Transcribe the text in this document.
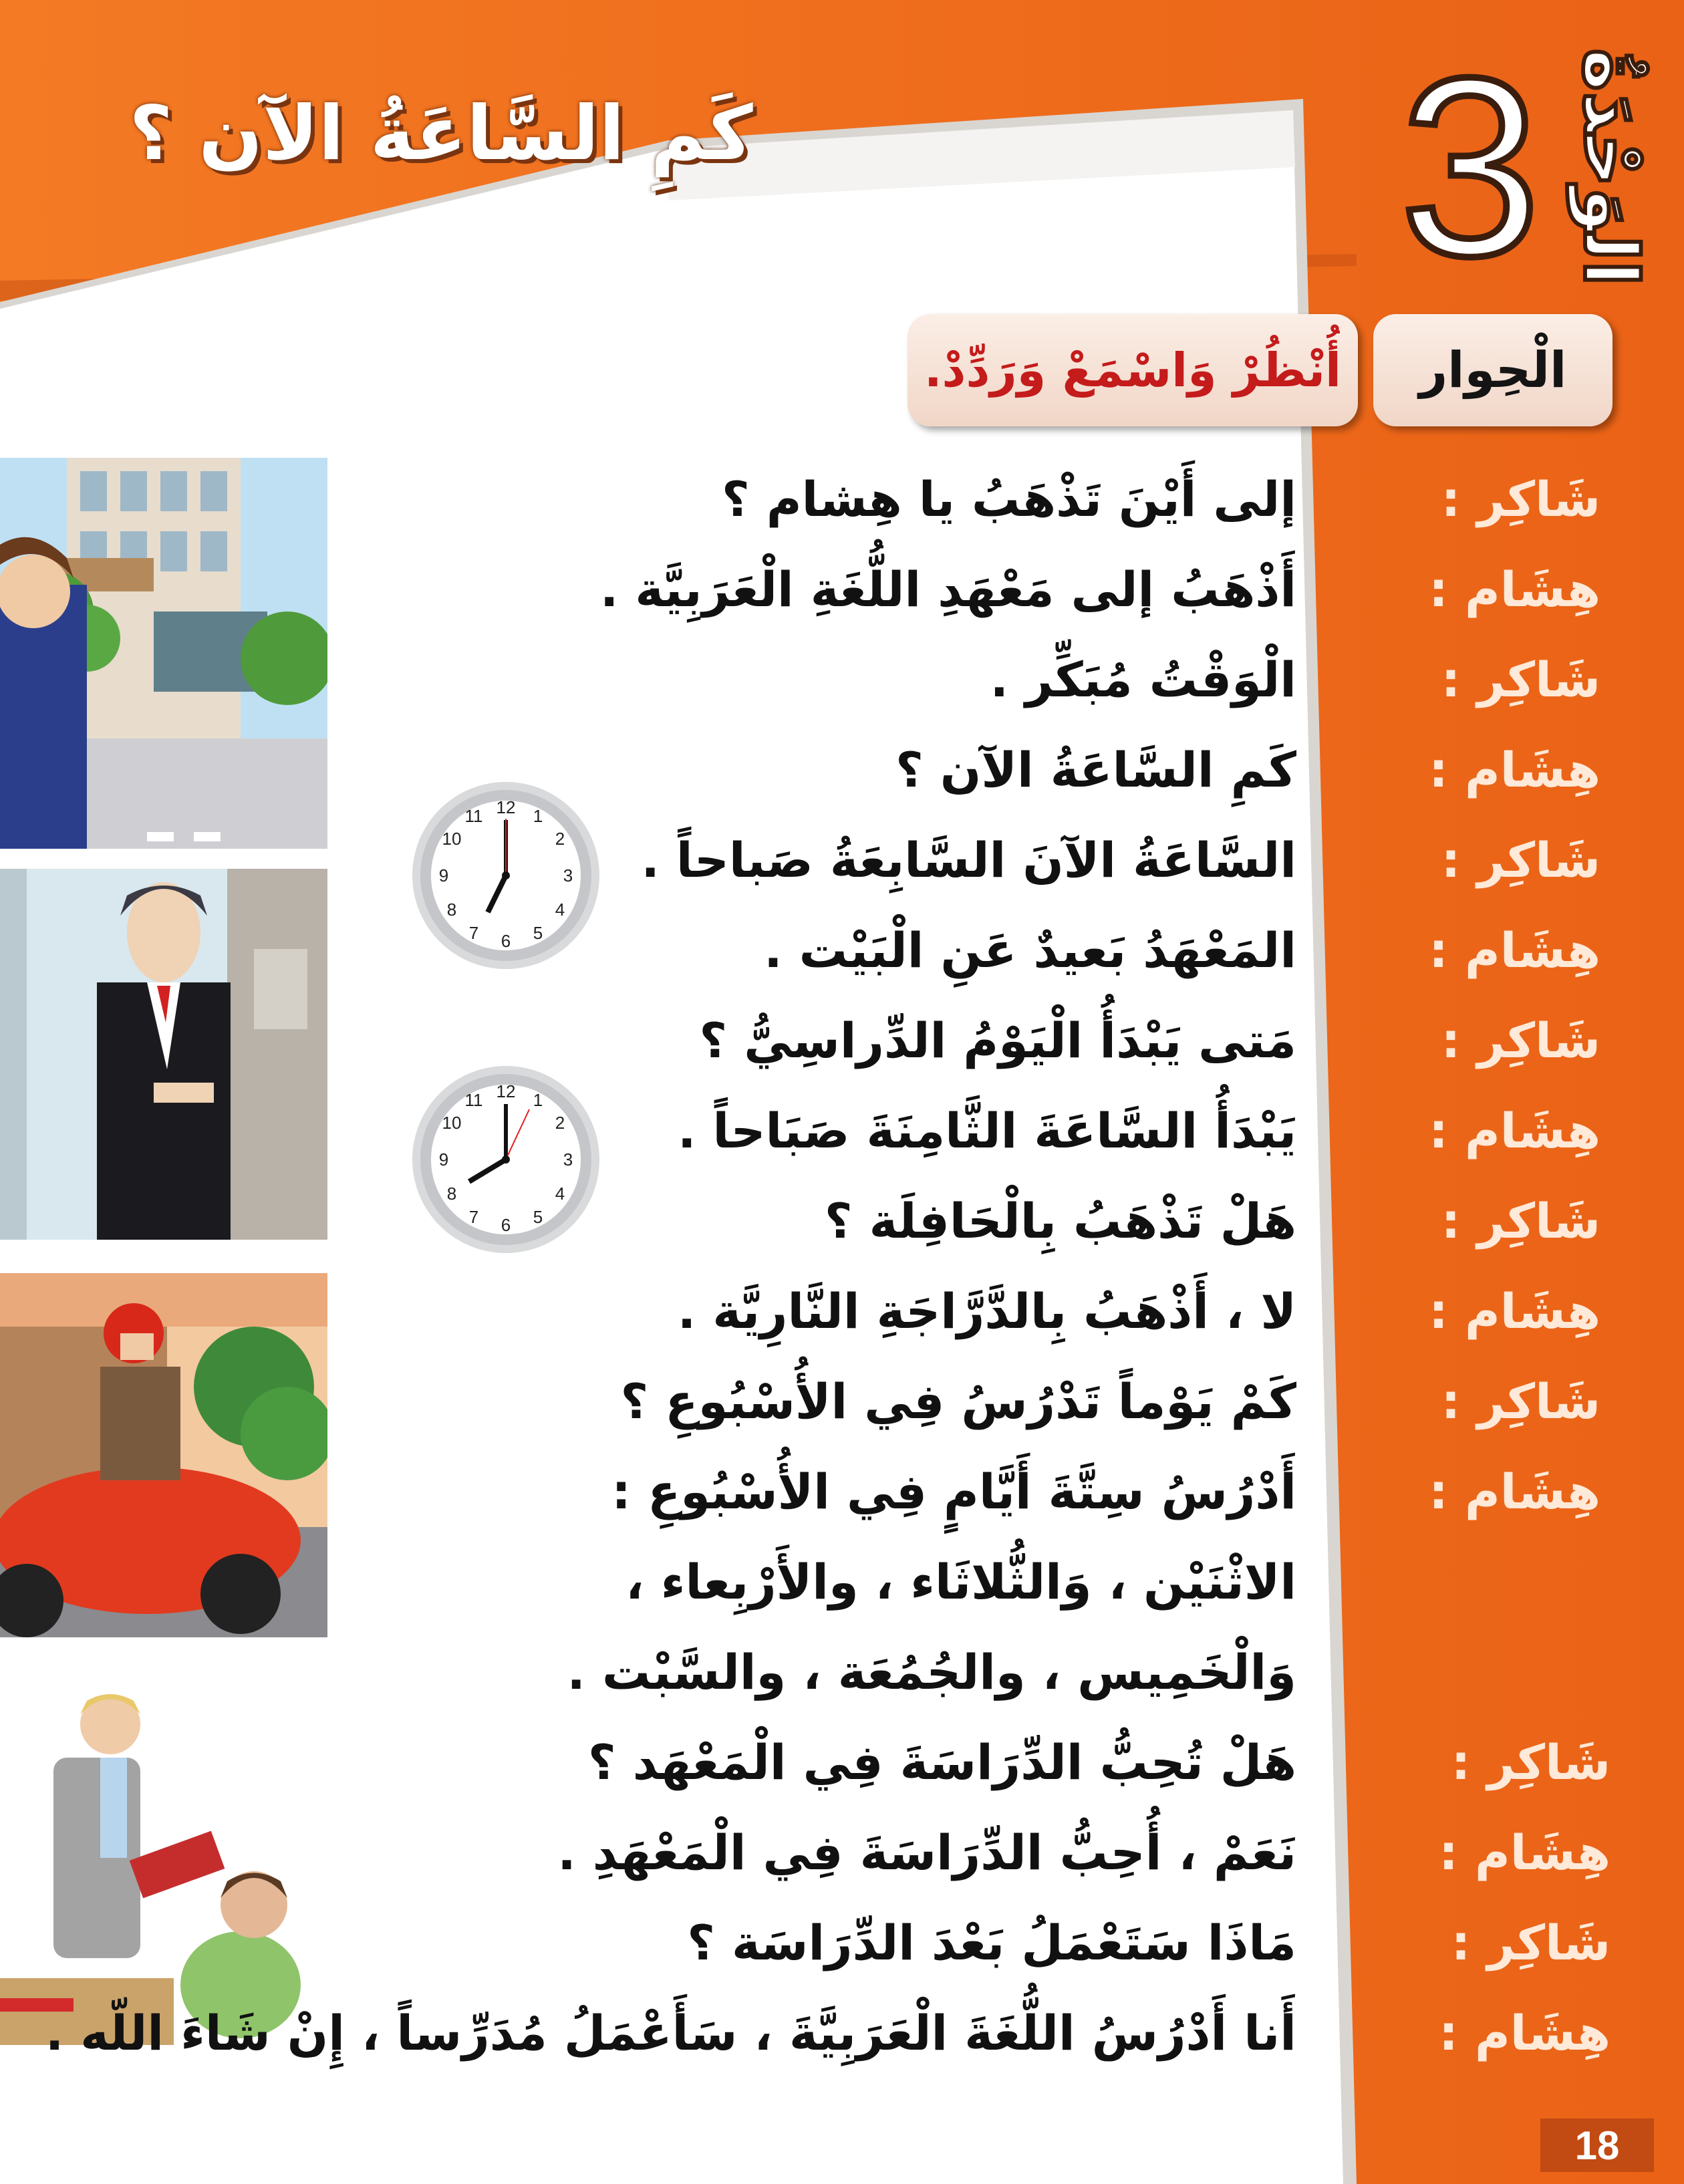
3 الوَحْدَةُ
كَمِ السَّاعَةُ الآن ؟
الْحِوار
أُنْظُرْ وَاسْمَعْ وَرَدِّدْ.
12 1
2
3
4
5
6
7
8
9
10
11
12 1
2
3
4
5
6
7
8
9
10
11
إلى أَيْنَ تَذْهَبُ يا هِشام ؟	شَاكِر :
أَذْهَبُ إلى مَعْهَدِ اللُّغَةِ الْعَرَبِيَّة .	هِشَام :
الْوَقْتُ مُبَكِّر .	شَاكِر :
كَمِ السَّاعَةُ الآن ؟	هِشَام :
السَّاعَةُ الآنَ السَّابِعَةُ صَباحاً .	شَاكِر :
المَعْهَدُ بَعيدٌ عَنِ الْبَيْت .	هِشَام :
مَتى يَبْدَأُ الْيَوْمُ الدِّراسِيُّ ؟	شَاكِر :
يَبْدَأُ السَّاعَةَ الثَّامِنَةَ صَبَاحاً .	هِشَام :
هَلْ تَذْهَبُ بِالْحَافِلَة ؟	شَاكِر :
لا ، أَذْهَبُ بِالدَّرَّاجَةِ النَّارِيَّة .	هِشَام :
كَمْ يَوْماً تَدْرُسُ فِي الأُسْبُوعِ ؟	شَاكِر :
أَدْرُسُ سِتَّةَ أَيَّامٍ فِي الأُسْبُوعِ :	هِشَام :
الاثْنَيْن ، وَالثُّلاثَاء ، والأَرْبِعاء ،
وَالْخَمِيس ، والجُمُعَة ، والسَّبْت .
هَلْ تُحِبُّ الدِّرَاسَةَ فِي الْمَعْهَد ؟	شَاكِر :
نَعَمْ ، أُحِبُّ الدِّرَاسَةَ فِي الْمَعْهَدِ .	هِشَام :
مَاذَا سَتَعْمَلُ بَعْدَ الدِّرَاسَة ؟	شَاكِر :
أَنا أَدْرُسُ اللُّغَةَ الْعَرَبِيَّةَ ، سَأَعْمَلُ مُدَرِّساً ، إِنْ شَاءَ اللّه .	هِشَام :
18
